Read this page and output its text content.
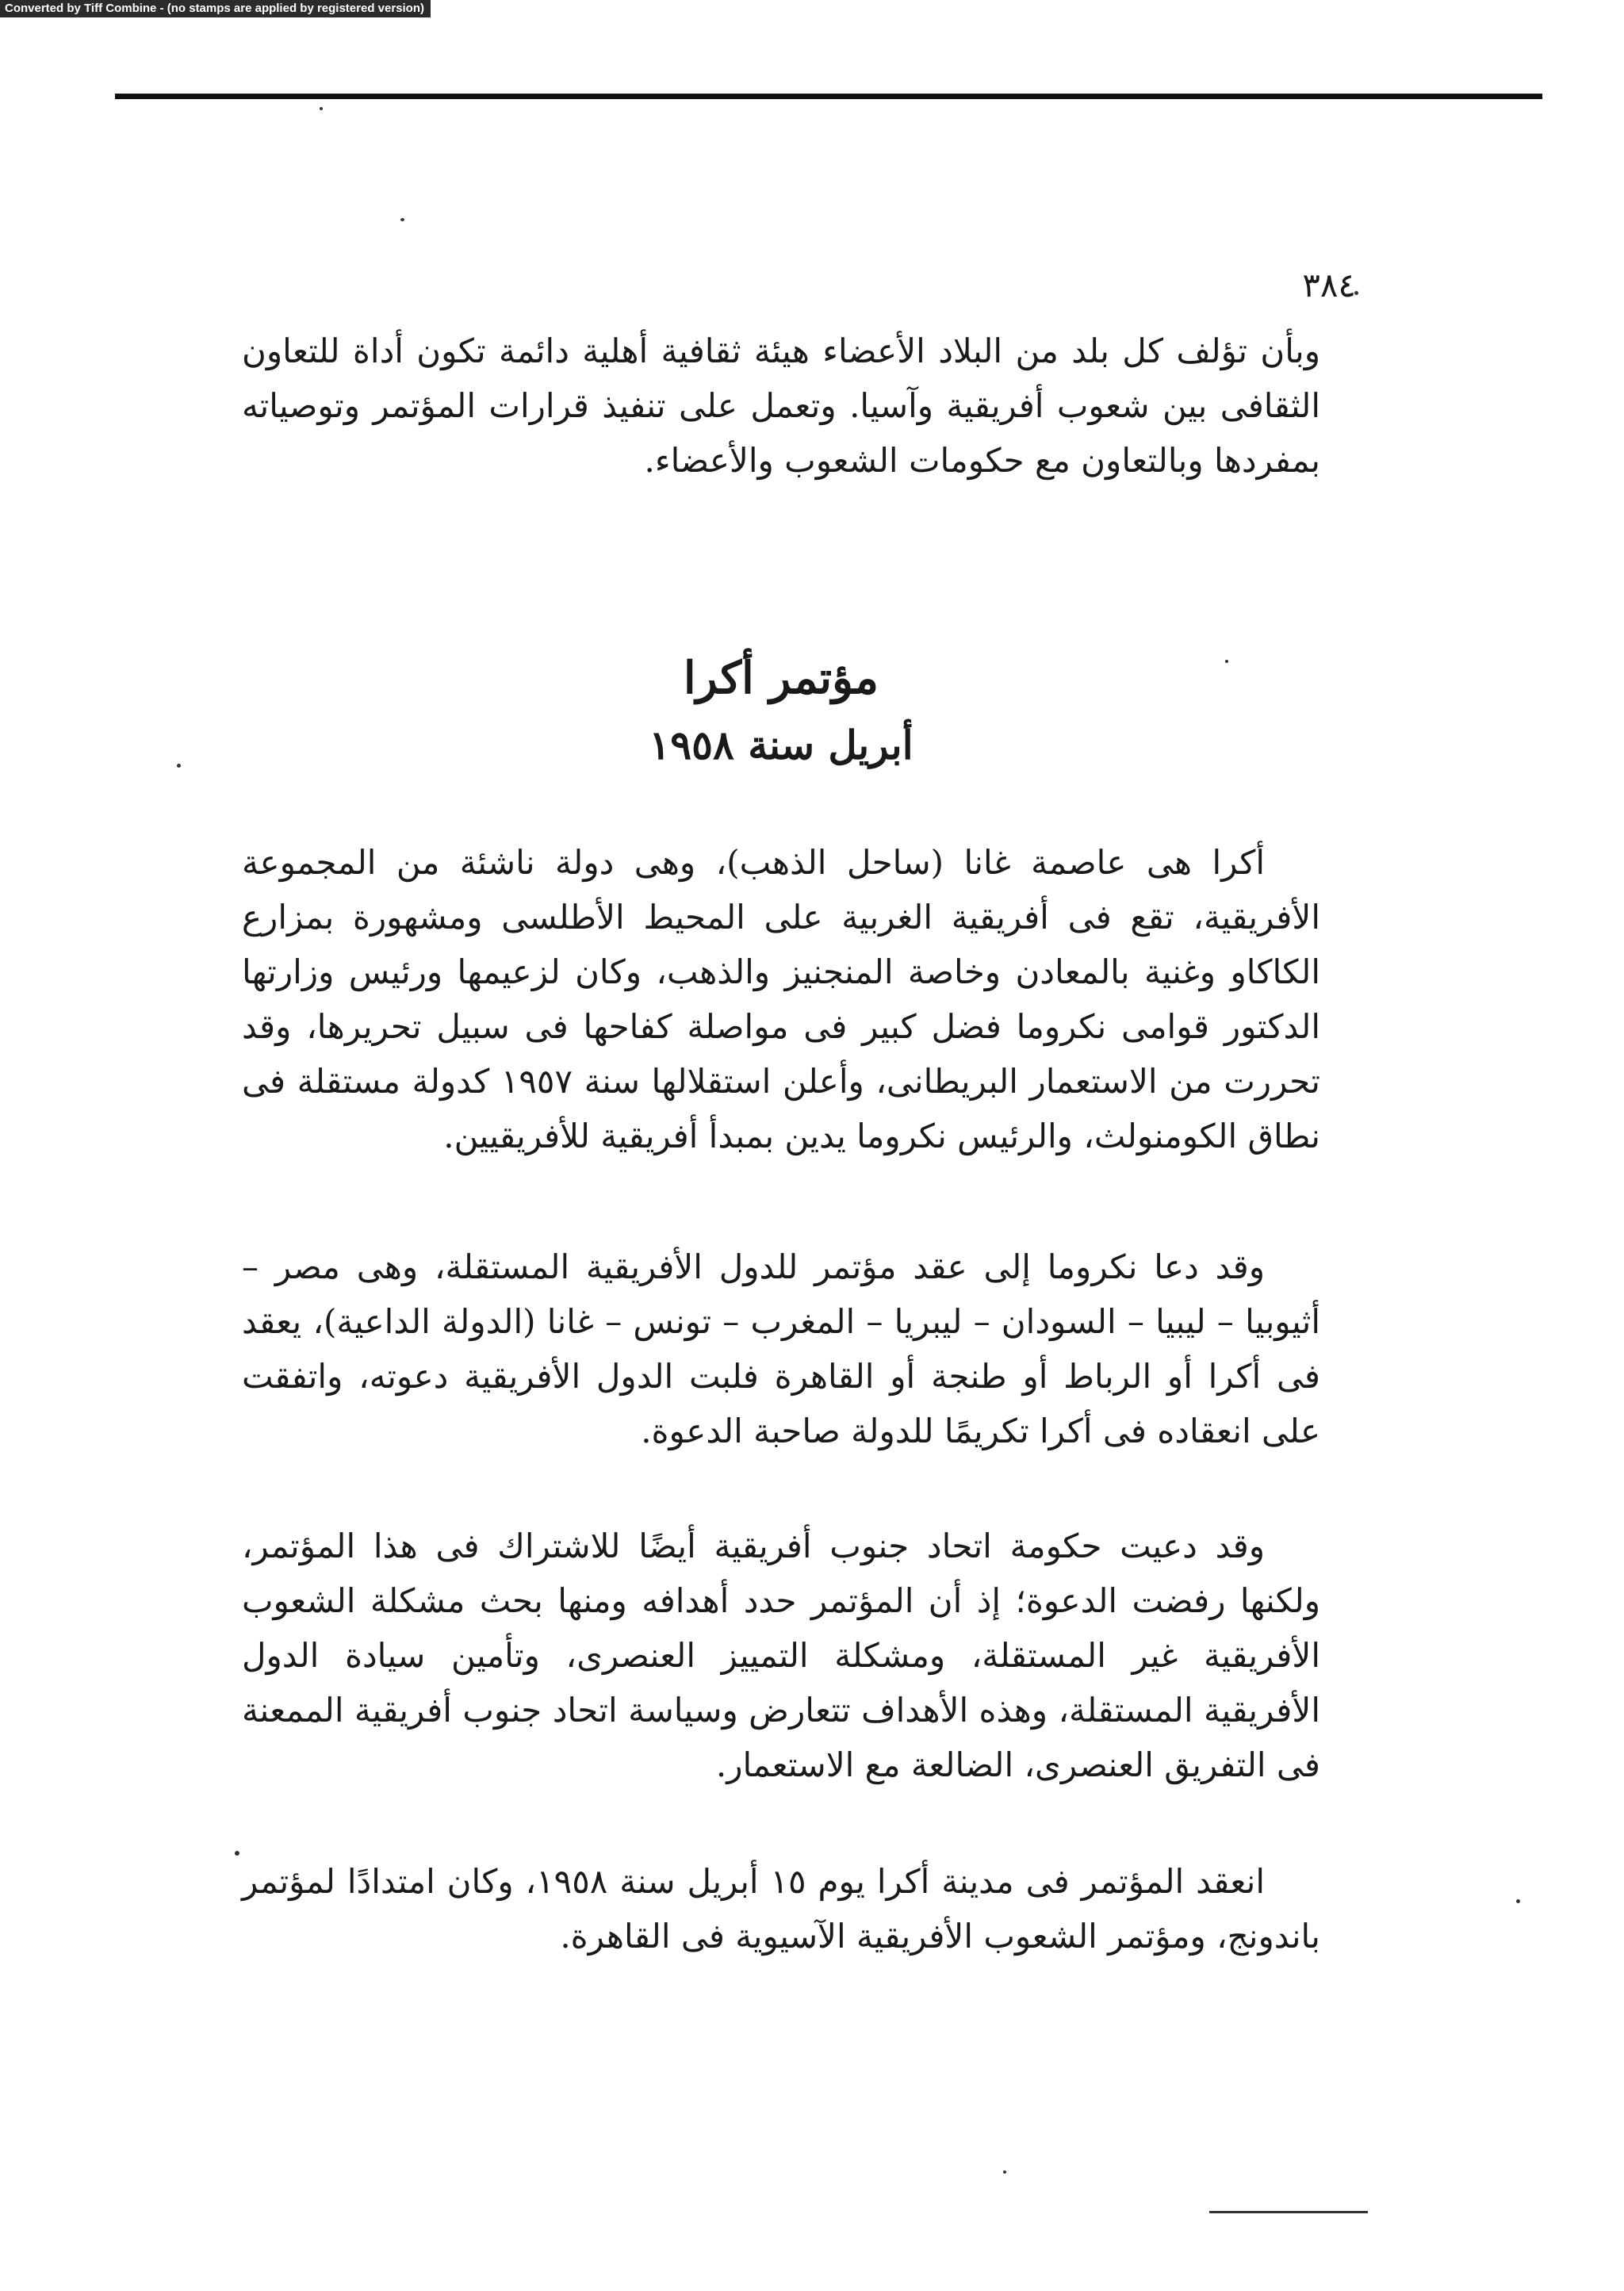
Converted by Tiff Combine - (no stamps are applied by registered version)
٣٨٤

وبأن تؤلف كل بلد من البلاد الأعضاء هيئة ثقافية أهلية دائمة تكون أداة للتعاون الثقافى بين شعوب أفريقية وآسيا. وتعمل على تنفيذ قرارات المؤتمر وتوصياته بمفردها وبالتعاون مع حكومات الشعوب والأعضاء.

مؤتمر أكرا
أبريل سنة ١٩٥٨

أكرا هى عاصمة غانا (ساحل الذهب)، وهى دولة ناشئة من المجموعة الأفريقية، تقع فى أفريقية الغربية على المحيط الأطلسى ومشهورة بمزارع الكاكاو وغنية بالمعادن وخاصة المنجنيز والذهب، وكان لزعيمها ورئيس وزارتها الدكتور قوامى نكروما فضل كبير فى مواصلة كفاحها فى سبيل تحريرها، وقد تحررت من الاستعمار البريطانى، وأعلن استقلالها سنة ١٩٥٧ كدولة مستقلة فى نطاق الكومنولث، والرئيس نكروما يدين بمبدأ أفريقية للأفريقيين.

وقد دعا نكروما إلى عقد مؤتمر للدول الأفريقية المستقلة، وهى مصر – أثيوبيا – ليبيا – السودان – ليبريا – المغرب – تونس – غانا (الدولة الداعية)، يعقد فى أكرا أو الرباط أو طنجة أو القاهرة فلبت الدول الأفريقية دعوته، واتفقت على انعقاده فى أكرا تكريمًا للدولة صاحبة الدعوة.

وقد دعيت حكومة اتحاد جنوب أفريقية أيضًا للاشتراك فى هذا المؤتمر، ولكنها رفضت الدعوة؛ إذ أن المؤتمر حدد أهدافه ومنها بحث مشكلة الشعوب الأفريقية غير المستقلة، ومشكلة التمييز العنصرى، وتأمين سيادة الدول الأفريقية المستقلة، وهذه الأهداف تتعارض وسياسة اتحاد جنوب أفريقية الممعنة فى التفريق العنصرى، الضالعة مع الاستعمار.

انعقد المؤتمر فى مدينة أكرا يوم ١٥ أبريل سنة ١٩٥٨، وكان امتدادًا لمؤتمر باندونج، ومؤتمر الشعوب الأفريقية الآسيوية فى القاهرة.
